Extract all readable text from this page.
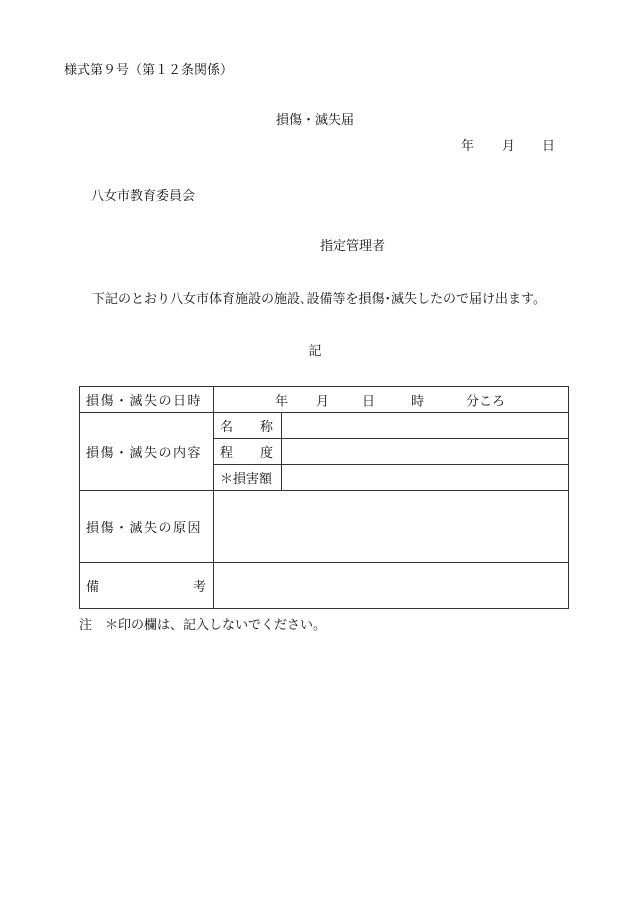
様式第９号（第１２条関係）
損傷・滅失届
年 月 日
八女市教育委員会
指定管理者
下記のとおり八女市体育施設の施設､設備等を損傷･滅失したので届け出ます。
記
損傷・滅失の日時	年 月 日 時 分ころ	

損傷・滅失の内容	名 称	

	程 度	

	＊損害額	
損傷・滅失の原因		

備 考		

注　＊印の欄は、記入しないでください。
